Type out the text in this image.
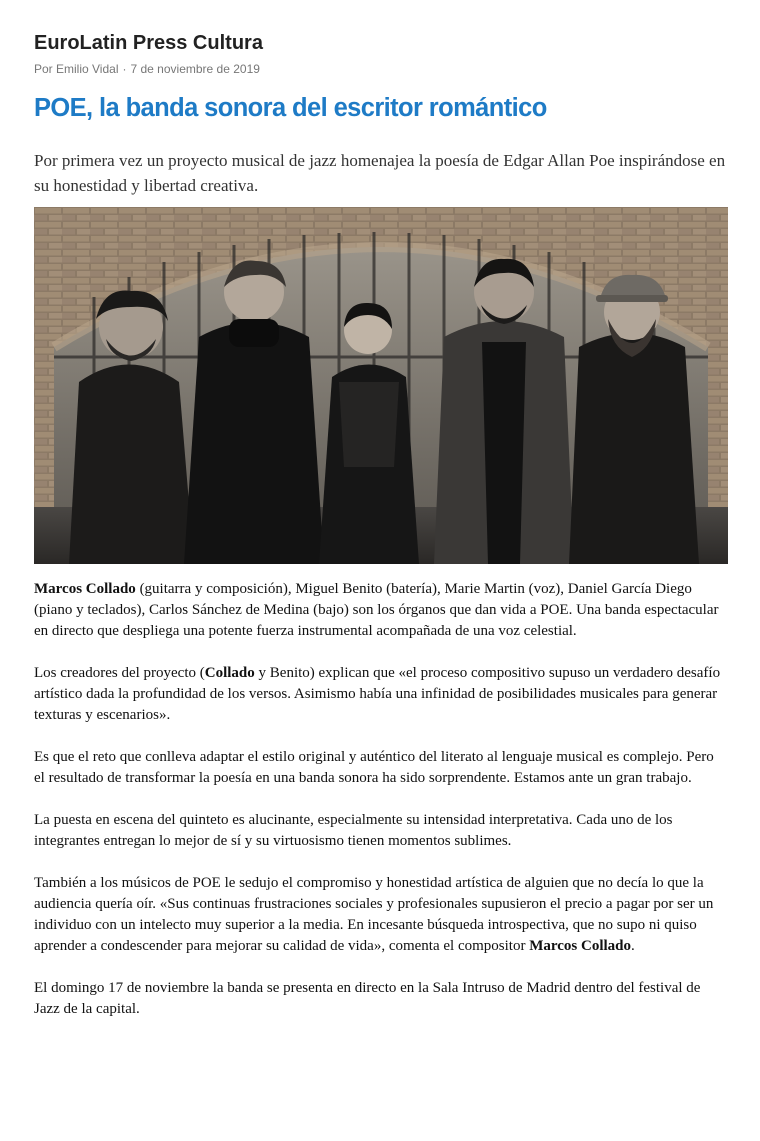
EuroLatin Press Cultura
Por Emilio Vidal · 7 de noviembre de 2019
POE, la banda sonora del escritor romántico

Por primera vez un proyecto musical de jazz homenajea la poesía de Edgar Allan Poe inspirándose en su honestidad y libertad creativa.

Marcos Collado (guitarra y composición), Miguel Benito (batería), Marie Martin (voz), Daniel García Diego (piano y teclados), Carlos Sánchez de Medina (bajo) son los órganos que dan vida a POE. Una banda espectacular en directo que despliega una potente fuerza instrumental acompañada de una voz celestial.

Los creadores del proyecto (Collado y Benito) explican que «el proceso compositivo supuso un verdadero desafío artístico dada la profundidad de los versos. Asimismo había una infinidad de posibilidades musicales para generar texturas y escenarios».

Es que el reto que conlleva adaptar el estilo original y auténtico del literato al lenguaje musical es complejo. Pero el resultado de transformar la poesía en una banda sonora ha sido sorprendente. Estamos ante un gran trabajo.

La puesta en escena del quinteto es alucinante, especialmente su intensidad interpretativa. Cada uno de los integrantes entregan lo mejor de sí y su virtuosismo tienen momentos sublimes.

También a los músicos de POE le sedujo el compromiso y honestidad artística de alguien que no decía lo que la audiencia quería oír. «Sus continuas frustraciones sociales y profesionales supusieron el precio a pagar por ser un individuo con un intelecto muy superior a la media. En incesante búsqueda introspectiva, que no supo ni quiso aprender a condescender para mejorar su calidad de vida», comenta el compositor Marcos Collado.

El domingo 17 de noviembre la banda se presenta en directo en la Sala Intruso de Madrid dentro del festival de Jazz de la capital.
